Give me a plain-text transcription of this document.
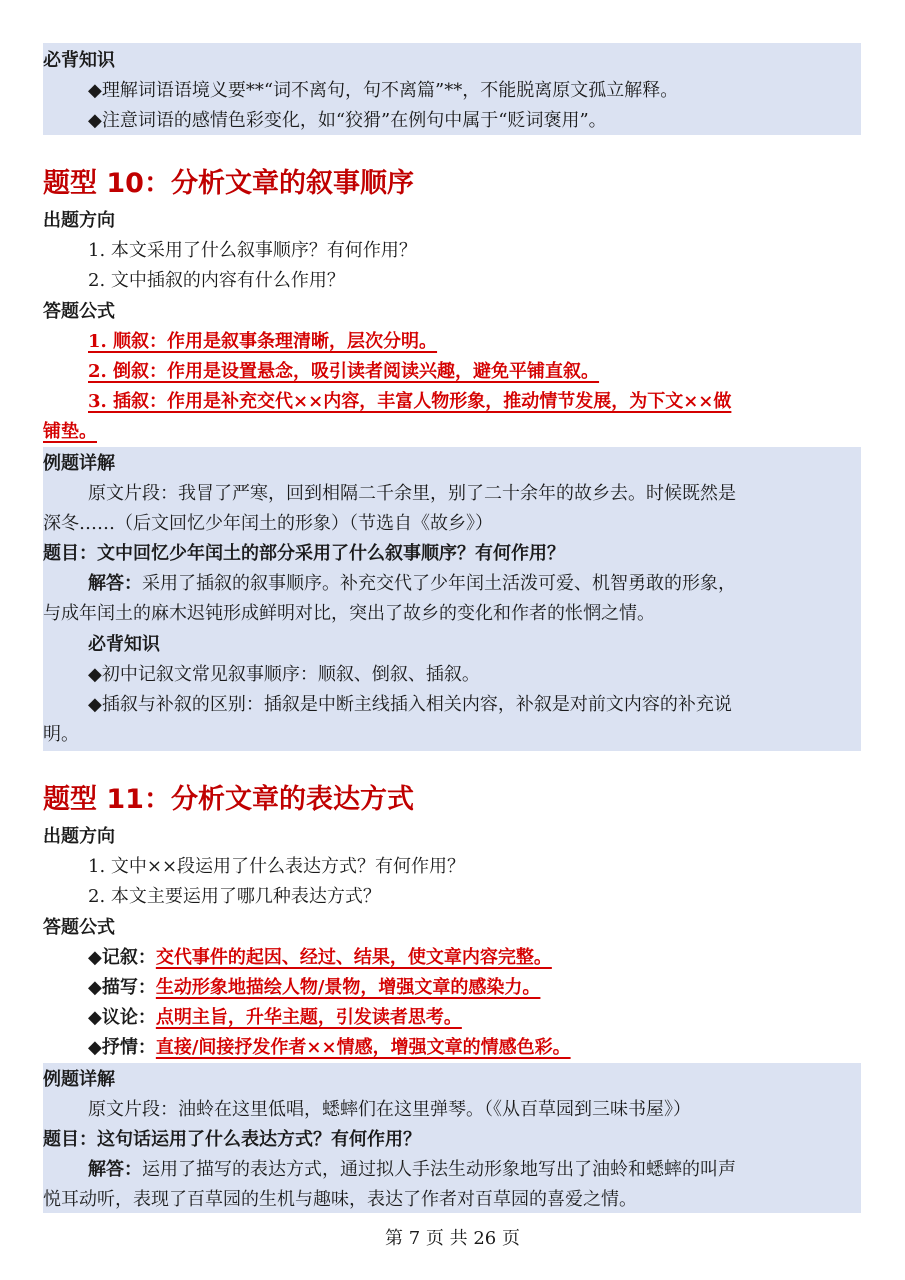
必背知识
◆理解词语语境义要**“词不离句，句不离篇”**，不能脱离原文孤立解释。
◆注意词语的感情色彩变化，如“狡猾”在例句中属于“贬词褒用”。
题型 10：分析文章的叙事顺序
出题方向
1. 本文采用了什么叙事顺序？有何作用？
2. 文中插叙的内容有什么作用？
答题公式
1. 顺叙：作用是叙事条理清晰，层次分明。
2. 倒叙：作用是设置悬念，吸引读者阅读兴趣，避免平铺直叙。
3. 插叙：作用是补充交代××内容，丰富人物形象，推动情节发展，为下文××做
铺垫。
例题详解
原文片段：我冒了严寒，回到相隔二千余里，别了二十余年的故乡去。时候既然是
深冬……（后文回忆少年闰土的形象）（节选自《故乡》）
题目：文中回忆少年闰土的部分采用了什么叙事顺序？有何作用？
解答：采用了插叙的叙事顺序。补充交代了少年闰土活泼可爱、机智勇敢的形象，
与成年闰土的麻木迟钝形成鲜明对比，突出了故乡的变化和作者的怅惘之情。
必背知识
◆初中记叙文常见叙事顺序：顺叙、倒叙、插叙。
◆插叙与补叙的区别：插叙是中断主线插入相关内容，补叙是对前文内容的补充说
明。
题型 11：分析文章的表达方式
出题方向
1. 文中××段运用了什么表达方式？有何作用？
2. 本文主要运用了哪几种表达方式？
答题公式
◆记叙：交代事件的起因、经过、结果，使文章内容完整。
◆描写：生动形象地描绘人物/景物，增强文章的感染力。
◆议论：点明主旨，升华主题，引发读者思考。
◆抒情：直接/间接抒发作者××情感，增强文章的情感色彩。
例题详解
原文片段：油蛉在这里低唱，蟋蟀们在这里弹琴。（《从百草园到三味书屋》）
题目：这句话运用了什么表达方式？有何作用？
解答：运用了描写的表达方式，通过拟人手法生动形象地写出了油蛉和蟋蟀的叫声
悦耳动听，表现了百草园的生机与趣味，表达了作者对百草园的喜爱之情。
第 7 页 共 26 页
